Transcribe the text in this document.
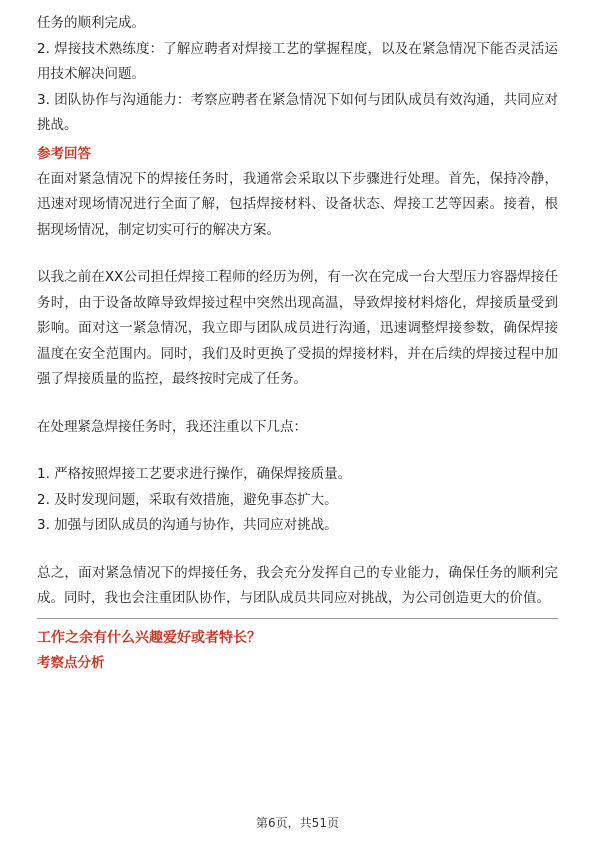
任务的顺利完成。

2. 焊接技术熟练度：了解应聘者对焊接工艺的掌握程度，以及在紧急情况下能否灵活运用技术解决问题。

3. 团队协作与沟通能力：考察应聘者在紧急情况下如何与团队成员有效沟通，共同应对挑战。

参考回答

在面对紧急情况下的焊接任务时，我通常会采取以下步骤进行处理。首先，保持冷静，迅速对现场情况进行全面了解，包括焊接材料、设备状态、焊接工艺等因素。接着，根据现场情况，制定切实可行的解决方案。

以我之前在XX公司担任焊接工程师的经历为例，有一次在完成一台大型压力容器焊接任务时，由于设备故障导致焊接过程中突然出现高温，导致焊接材料熔化，焊接质量受到影响。面对这一紧急情况，我立即与团队成员进行沟通，迅速调整焊接参数，确保焊接温度在安全范围内。同时，我们及时更换了受损的焊接材料，并在后续的焊接过程中加强了焊接质量的监控，最终按时完成了任务。

在处理紧急焊接任务时，我还注重以下几点：

1. 严格按照焊接工艺要求进行操作，确保焊接质量。

2. 及时发现问题，采取有效措施，避免事态扩大。

3. 加强与团队成员的沟通与协作，共同应对挑战。

总之，面对紧急情况下的焊接任务，我会充分发挥自己的专业能力，确保任务的顺利完成。同时，我也会注重团队协作，与团队成员共同应对挑战，为公司创造更大的价值。

工作之余有什么兴趣爱好或者特长？

考察点分析

第6页，共51页
